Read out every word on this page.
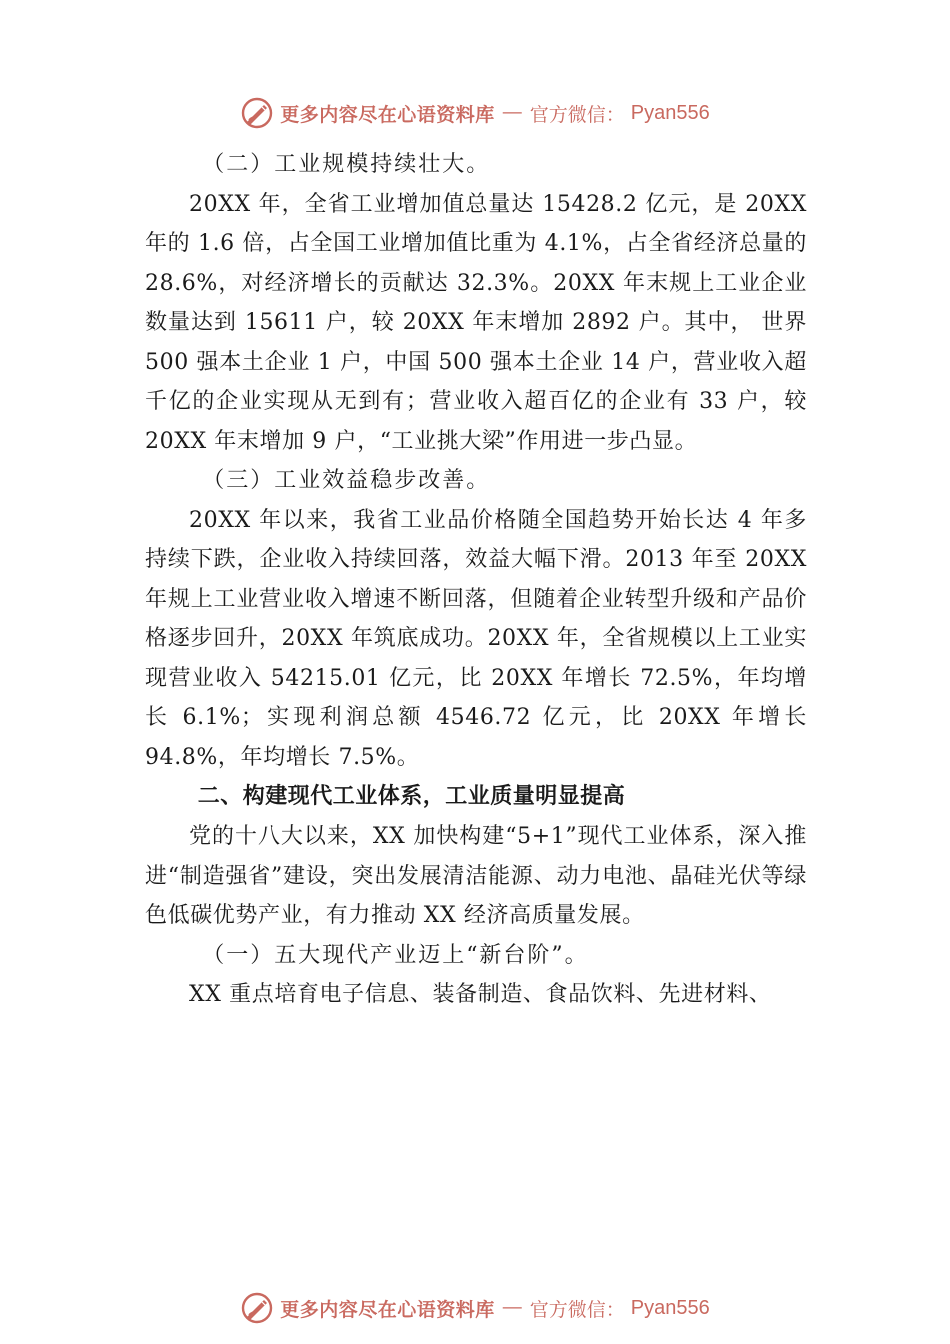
更多内容尽在心语资料库 — 官方微信： Pyan556

（二）工业规模持续壮大。

20XX 年，全省工业增加值总量达 15428.2 亿元，是 20XX 年的 1.6 倍，占全国工业增加值比重为 4.1%，占全省经济总量的 28.6%，对经济增长的贡献达 32.3%。20XX 年末规上工业企业数量达到 15611 户，较 20XX 年末增加 2892 户。其中， 世界 500 强本土企业 1 户，中国 500 强本土企业 14 户，营业收入超千亿的企业实现从无到有；营业收入超百亿的企业有 33 户，较 20XX 年末增加 9 户，“工业挑大梁”作用进一步凸显。

（三）工业效益稳步改善。

20XX 年以来，我省工业品价格随全国趋势开始长达 4 年多持续下跌，企业收入持续回落，效益大幅下滑。2013 年至 20XX 年规上工业营业收入增速不断回落，但随着企业转型升级和产品价格逐步回升，20XX 年筑底成功。20XX 年，全省规模以上工业实现营业收入 54215.01 亿元，比 20XX 年增长 72.5%，年均增长 6.1%；实现利润总额 4546.72 亿元，比 20XX 年增长 94.8%，年均增长 7.5%。

二、构建现代工业体系，工业质量明显提高

党的十八大以来，XX 加快构建“5+1”现代工业体系，深入推进“制造强省”建设，突出发展清洁能源、动力电池、晶硅光伏等绿色低碳优势产业，有力推动 XX 经济高质量发展。

（一）五大现代产业迈上“新台阶”。

XX 重点培育电子信息、装备制造、食品饮料、先进材料、

更多内容尽在心语资料库 — 官方微信： Pyan556
